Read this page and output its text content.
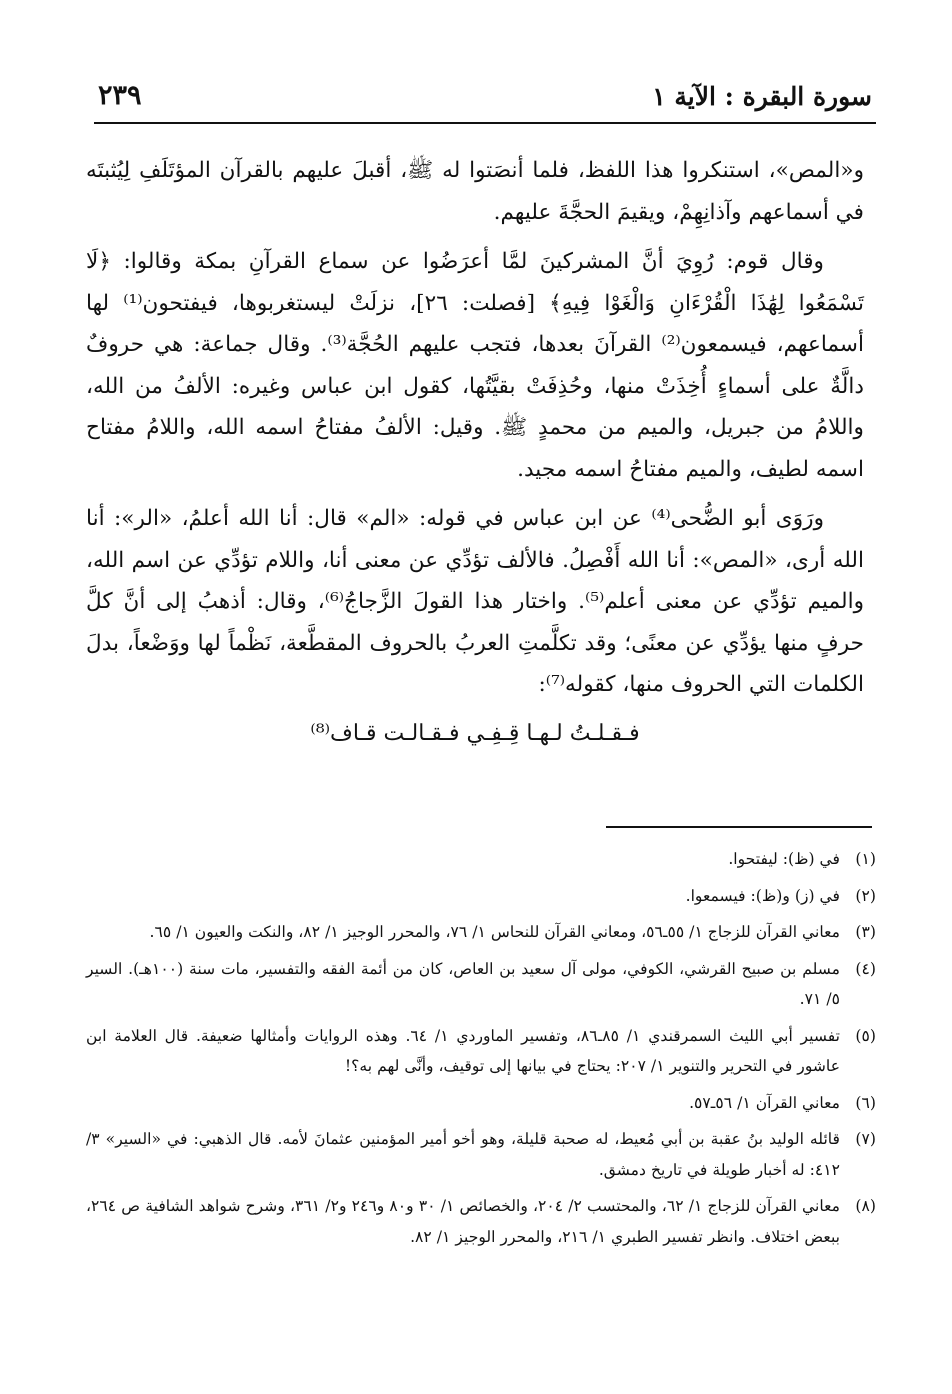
سورة البقرة : الآية ١
٢٣٩

و«المص»، استنكروا هذا اللفظ، فلما أنصَتوا له ﷺ، أقبلَ عليهم بالقرآن المؤتَلَفِ لِيُثبتَه في أسماعهم وآذانِهِمْ، ويقيمَ الحجَّةَ عليهم.

وقال قوم: رُوِيَ أنَّ المشركينَ لمَّا أعرَضُوا عن سماع القرآنِ بمكة وقالوا: ﴿لَا تَسْمَعُوا لِهَٰذَا الْقُرْءَانِ وَالْغَوْا فِيهِ﴾ [فصلت: ٢٦]، نزلَتْ ليستغربوها، فيفتحون⁽¹⁾ لها أسماعهم، فيسمعون⁽²⁾ القرآنَ بعدها، فتجب عليهم الحُجَّة⁽³⁾. وقال جماعة: هي حروفٌ دالَّةٌ على أسماءٍ أُخِذَتْ منها، وحُذِفَتْ بقيَّتُها، كقول ابن عباس وغيره: الألفُ من الله، واللامُ من جبريل، والميم من محمدٍ ﷺ. وقيل: الألفُ مفتاحُ اسمه الله، واللامُ مفتاح اسمه لطيف، والميم مفتاحُ اسمه مجيد.

ورَوَى أبو الضُّحى⁽⁴⁾ عن ابن عباس في قوله: «الم» قال: أنا الله أعلمُ، «الر»: أنا الله أرى، «المص»: أنا الله أَفْصِلُ. فالألف تؤدِّي عن معنى أنا، واللام تؤدِّي عن اسم الله، والميم تؤدِّي عن معنى أعلم⁽⁵⁾. واختار هذا القولَ الزَّجاجُ⁽⁶⁾، وقال: أذهبُ إلى أنَّ كلَّ حرفٍ منها يؤدِّي عن معنًى؛ وقد تكلَّمتِ العربُ بالحروف المقطَّعة، نَظْماً لها ووَضْعاً، بدلَ الكلمات التي الحروف منها، كقوله⁽⁷⁾:

فـقـلـتُ لـهـا قِـفِـي فـقـالـت قـاف⁽⁸⁾
(١)
في (ظ): ليفتحوا.
(٢)
في (ز) و(ظ): فيسمعوا.
(٣)
معاني القرآن للزجاج ١/ ٥٥ـ٥٦، ومعاني القرآن للنحاس ١/ ٧٦، والمحرر الوجيز ١/ ٨٢، والنكت والعيون ١/ ٦٥.
(٤)
مسلم بن صبيح القرشي، الكوفي، مولى آل سعيد بن العاص، كان من أئمة الفقه والتفسير، مات سنة (١٠٠هـ). السير ٥/ ٧١.
(٥)
تفسير أبي الليث السمرقندي ١/ ٨٥ـ٨٦، وتفسير الماوردي ١/ ٦٤. وهذه الروايات وأمثالها ضعيفة. قال العلامة ابن عاشور في التحرير والتنوير ١/ ٢٠٧: يحتاج في بيانها إلى توقيف، وأنَّى لهم به؟!
(٦)
معاني القرآن ١/ ٥٦ـ٥٧.
(٧)
قائله الوليد بنُ عقبة بن أبي مُعيط، له صحبة قليلة، وهو أخو أمير المؤمنين عثمانَ لأمه. قال الذهبي: في «السير» ٣/ ٤١٢: له أخبار طويلة في تاريخ دمشق.
(٨)
معاني القرآن للزجاج ١/ ٦٢، والمحتسب ٢/ ٢٠٤، والخصائص ١/ ٣٠ و٨٠ و٢٤٦ و٢/ ٣٦١، وشرح شواهد الشافية ص ٢٦٤، ببعض اختلاف. وانظر تفسير الطبري ١/ ٢١٦، والمحرر الوجيز ١/ ٨٢.
